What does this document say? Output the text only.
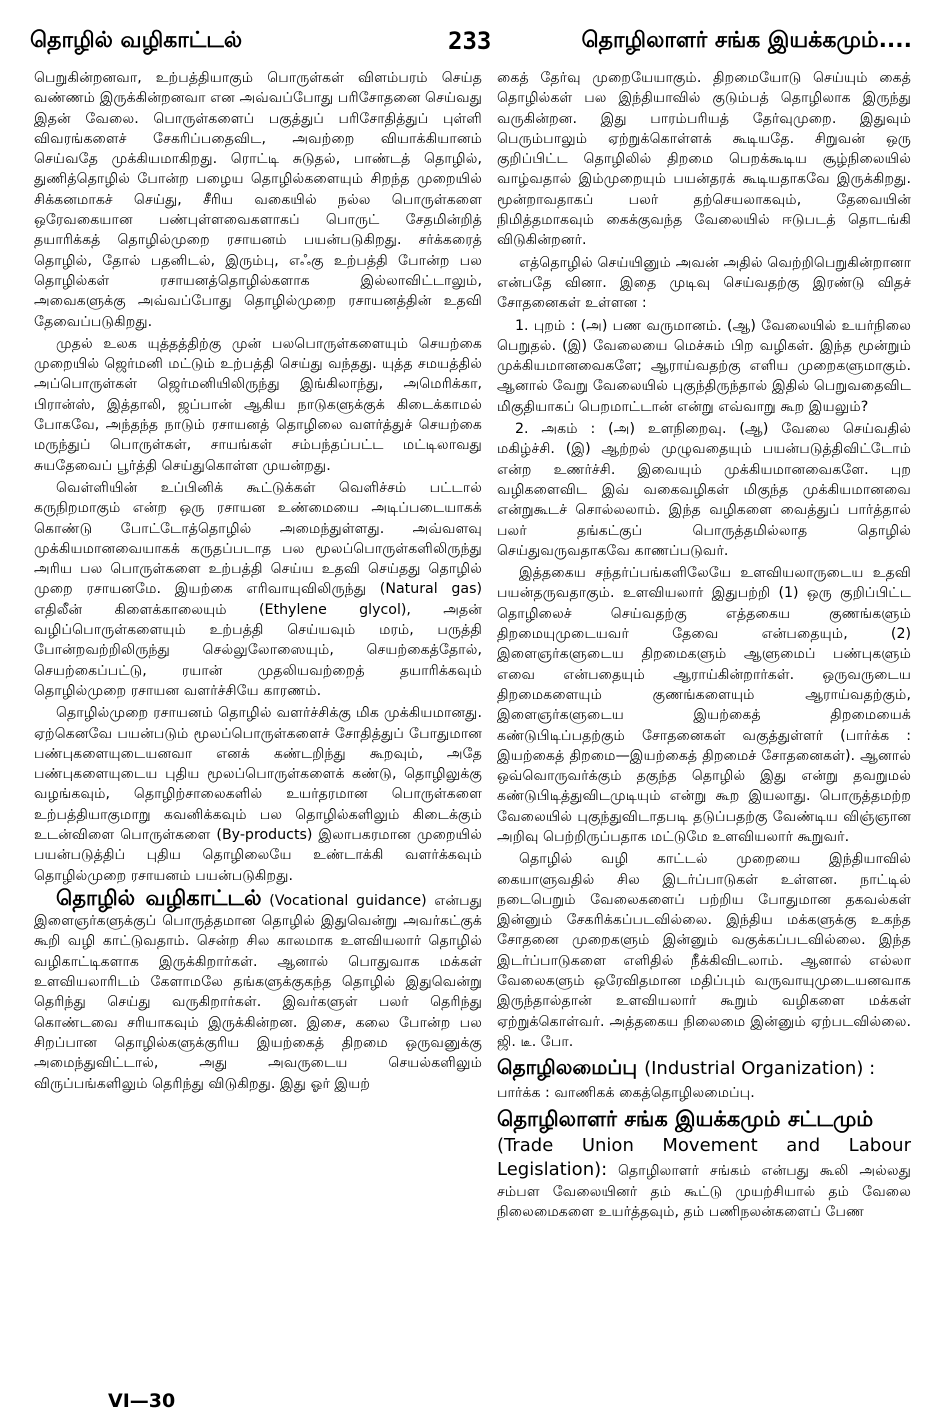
தொழில் வழிகாட்டல்	233	தொழிலாளர் சங்க இயக்கமும்....

பெறுகின்றனவா, உற்பத்தியாகும் பொருள்கள் விளம்பரம் செய்த வண்ணம் இருக்கின்றனவா என அவ்வப்போது பரிசோதனை செய்வது இதன் வேலை. பொருள்களைப் பகுத்துப் பரிசோதித்துப் புள்ளி விவரங்களைச் சேகரிப்பதைவிட, அவற்றை வியாக்கியானம் செய்வதே முக்கியமாகிறது. ரொட்டி சுடுதல், பாண்டத் தொழில், துணித்தொழில் போன்ற பழைய தொழில்களையும் சிறந்த முறையில் சிக்கனமாகச் செய்து, சீரிய வகையில் நல்ல பொருள்களை ஒரேவகையான பண்புள்ளவைகளாகப் பொருட் சேதமின்றித் தயாரிக்கத் தொழில்முறை ரசாயனம் பயன்படுகிறது. சர்க்கரைத் தொழில், தோல் பதனிடல், இரும்பு, எஃகு உற்பத்தி போன்ற பல தொழில்கள் ரசாயனத்தொழில்களாக இல்லாவிட்டாலும், அவைகளுக்கு அவ்வப்போது தொழில்முறை ரசாயனத்தின் உதவி தேவைப்படுகிறது.

முதல் உலக யுத்தத்திற்கு முன் பலபொருள்களையும் செயற்கை முறையில் ஜெர்மனி மட்டும் உற்பத்தி செய்து வந்தது. யுத்த சமயத்தில் அப்பொருள்கள் ஜெர்மனியிலிருந்து இங்கிலாந்து, அமெரிக்கா, பிரான்ஸ், இத்தாலி, ஜப்பான் ஆகிய நாடுகளுக்குக் கிடைக்காமல் போகவே, அந்தந்த நாடும் ரசாயனத் தொழிலை வளர்த்துச் செயற்கை மருந்துப் பொருள்கள், சாயங்கள் சம்பந்தப்பட்ட மட்டிலாவது சுயதேவைப் பூர்த்தி செய்துகொள்ள முயன்றது.

வெள்ளியின் உப்பினிக் கூட்டுக்கள் வெளிச்சம் பட்டால் கருநிறமாகும் என்ற ஒரு ரசாயன உண்மையை அடிப்படையாகக் கொண்டு போட்டோத்தொழில் அமைந்துள்ளது. அவ்வளவு முக்கியமானவையாகக் கருதப்படாத பல மூலப்பொருள்களிலிருந்து அரிய பல பொருள்களை உற்பத்தி செய்ய உதவி செய்தது தொழில் முறை ரசாயனமே. இயற்கை எரிவாயுவிலிருந்து (Natural gas) எதிலீன் கிளைக்காலையும் (Ethylene glycol), அதன் வழிப்பொருள்களையும் உற்பத்தி செய்யவும் மரம், பருத்தி போன்றவற்றிலிருந்து செல்லுலோஸையும், செயற்கைத்தோல், செயற்கைப்பட்டு, ரயான் முதலியவற்றைத் தயாரிக்கவும் தொழில்முறை ரசாயன வளர்ச்சியே காரணம்.

தொழில்முறை ரசாயனம் தொழில் வளர்ச்சிக்கு மிக முக்கியமானது. ஏற்கெனவே பயன்படும் மூலப்பொருள்களைச் சோதித்துப் போதுமான பண்புகளையுடையனவா எனக் கண்டறிந்து கூறவும், அதே பண்புகளையுடைய புதிய மூலப்பொருள்களைக் கண்டு, தொழிலுக்கு வழங்கவும், தொழிற்சாலைகளில் உயர்தரமான பொருள்களை உற்பத்தியாகுமாறு கவனிக்கவும் பல தொழில்களிலும் கிடைக்கும் உடன்விளை பொருள்களை (By-products) இலாபகரமான முறையில் பயன்படுத்திப் புதிய தொழிலையே உண்டாக்கி வளர்க்கவும் தொழில்முறை ரசாயனம் பயன்படுகிறது.

தொழில் வழிகாட்டல் (Vocational guidance) என்பது இளைஞர்களுக்குப் பொருத்தமான தொழில் இதுவென்று அவர்கட்குக் கூறி வழி காட்டுவதாம். சென்ற சில காலமாக உளவியலார் தொழில் வழிகாட்டிகளாக இருக்கிறார்கள். ஆனால் பொதுவாக மக்கள் உளவியலாரிடம் கேளாமலே தங்களுக்குகந்த தொழில் இதுவென்று தெரிந்து செய்து வருகிறார்கள். இவர்களுள் பலர் தெரிந்து கொண்டவை சரியாகவும் இருக்கின்றன. இசை, கலை போன்ற பல சிறப்பான தொழில்களுக்குரிய இயற்கைத் திறமை ஒருவனுக்கு அமைந்துவிட்டால், அது அவருடைய செயல்களிலும் விருப்பங்களிலும் தெரிந்து விடுகிறது. இது ஓர் இயற்

கைத் தேர்வு முறையேயாகும். திறமையோடு செய்யும் கைத் தொழில்கள் பல இந்தியாவில் குடும்பத் தொழிலாக இருந்து வருகின்றன. இது பாரம்பரியத் தேர்வுமுறை. இதுவும் பெரும்பாலும் ஏற்றுக்கொள்ளக் கூடியதே. சிறுவன் ஒரு குறிப்பிட்ட தொழிலில் திறமை பெறக்கூடிய சூழ்நிலையில் வாழ்வதால் இம்முறையும் பயன்தரக் கூடியதாகவே இருக்கிறது. மூன்றாவதாகப் பலர் தற்செயலாகவும், தேவையின் நிமித்தமாகவும் கைக்குவந்த வேலையில் ஈடுபடத் தொடங்கி விடுகின்றனர்.

எத்தொழில் செய்யினும் அவன் அதில் வெற்றிபெறுகின்றானா என்பதே வினா. இதை முடிவு செய்வதற்கு இரண்டு விதச் சோதனைகள் உள்ளன :

1. புறம் : (அ) பண வருமானம். (ஆ) வேலையில் உயர்நிலை பெறுதல். (இ) வேலையை மெச்சும் பிற வழிகள். இந்த மூன்றும் முக்கியமானவைகளே; ஆராய்வதற்கு எளிய முறைகளுமாகும். ஆனால் வேறு வேலையில் புகுந்திருந்தால் இதில் பெறுவதைவிட மிகுதியாகப் பெறமாட்டான் என்று எவ்வாறு கூற இயலும்?

2. அகம் : (அ) உளநிறைவு. (ஆ) வேலை செய்வதில் மகிழ்ச்சி. (இ) ஆற்றல் முழுவதையும் பயன்படுத்திவிட்டோம் என்ற உணர்ச்சி. இவையும் முக்கியமானவைகளே. புற வழிகளைவிட இவ் வகைவழிகள் மிகுந்த முக்கியமானவை என்றுகூடச் சொல்லலாம். இந்த வழிகளை வைத்துப் பார்த்தால் பலர் தங்கட்குப் பொருத்தமில்லாத தொழில் செய்துவருவதாகவே காணப்படுவர்.

இத்தகைய சந்தர்ப்பங்களிலேயே உளவியலாருடைய உதவி பயன்தருவதாகும். உளவியலார் இதுபற்றி (1) ஒரு குறிப்பிட்ட தொழிலைச் செய்வதற்கு எத்தகைய குணங்களும் திறமையுமுடையவர் தேவை என்பதையும், (2) இளைஞர்களுடைய திறமைகளும் ஆளுமைப் பண்புகளும் எவை என்பதையும் ஆராய்கின்றார்கள். ஒருவருடைய திறமைகளையும் குணங்களையும் ஆராய்வதற்கும், இளைஞர்களுடைய இயற்கைத் திறமையைக் கண்டுபிடிப்பதற்கும் சோதனைகள் வகுத்துள்ளர் (பார்க்க : இயற்கைத் திறமை—இயற்கைத் திறமைச் சோதனைகள்). ஆனால் ஒவ்வொருவர்க்கும் தகுந்த தொழில் இது என்று தவறுமல் கண்டுபிடித்துவிடமுடியும் என்று கூற இயலாது. பொருத்தமற்ற வேலையில் புகுந்துவிடாதபடி தடுப்பதற்கு வேண்டிய விஞ்ஞான அறிவு பெற்றிருப்பதாக மட்டுமே உளவியலார் கூறுவர்.

தொழில் வழி காட்டல் முறையை இந்தியாவில் கையாளுவதில் சில இடர்ப்பாடுகள் உள்ளன. நாட்டில் நடைபெறும் வேலைகளைப் பற்றிய போதுமான தகவல்கள் இன்னும் சேகரிக்கப்படவில்லை. இந்திய மக்களுக்கு உகந்த சோதனை முறைகளும் இன்னும் வகுக்கப்படவில்லை. இந்த இடர்ப்பாடுகளை எளிதில் நீக்கிவிடலாம். ஆனால் எல்லா வேலைகளும் ஒரேவிதமான மதிப்பும் வருவாயுமுடையனவாக இருந்தால்தான் உளவியலார் கூறும் வழிகளை மக்கள் ஏற்றுக்கொள்வர். அத்தகைய நிலைமை இன்னும் ஏற்படவில்லை. ஜி. டீ. போ.

தொழிலமைப்பு (Industrial Organization) :

பார்க்க : வாணிகக் கைத்தொழிலமைப்பு.

தொழிலாளர் சங்க இயக்கமும் சட்டமும்

(Trade Union Movement and Labour Legislation): தொழிலாளர் சங்கம் என்பது கூலி அல்லது சம்பள வேலையினர் தம் கூட்டு முயற்சியால் தம் வேலை நிலைமைகளை உயர்த்தவும், தம் பணிநலன்களைப் பேண

VI—30
